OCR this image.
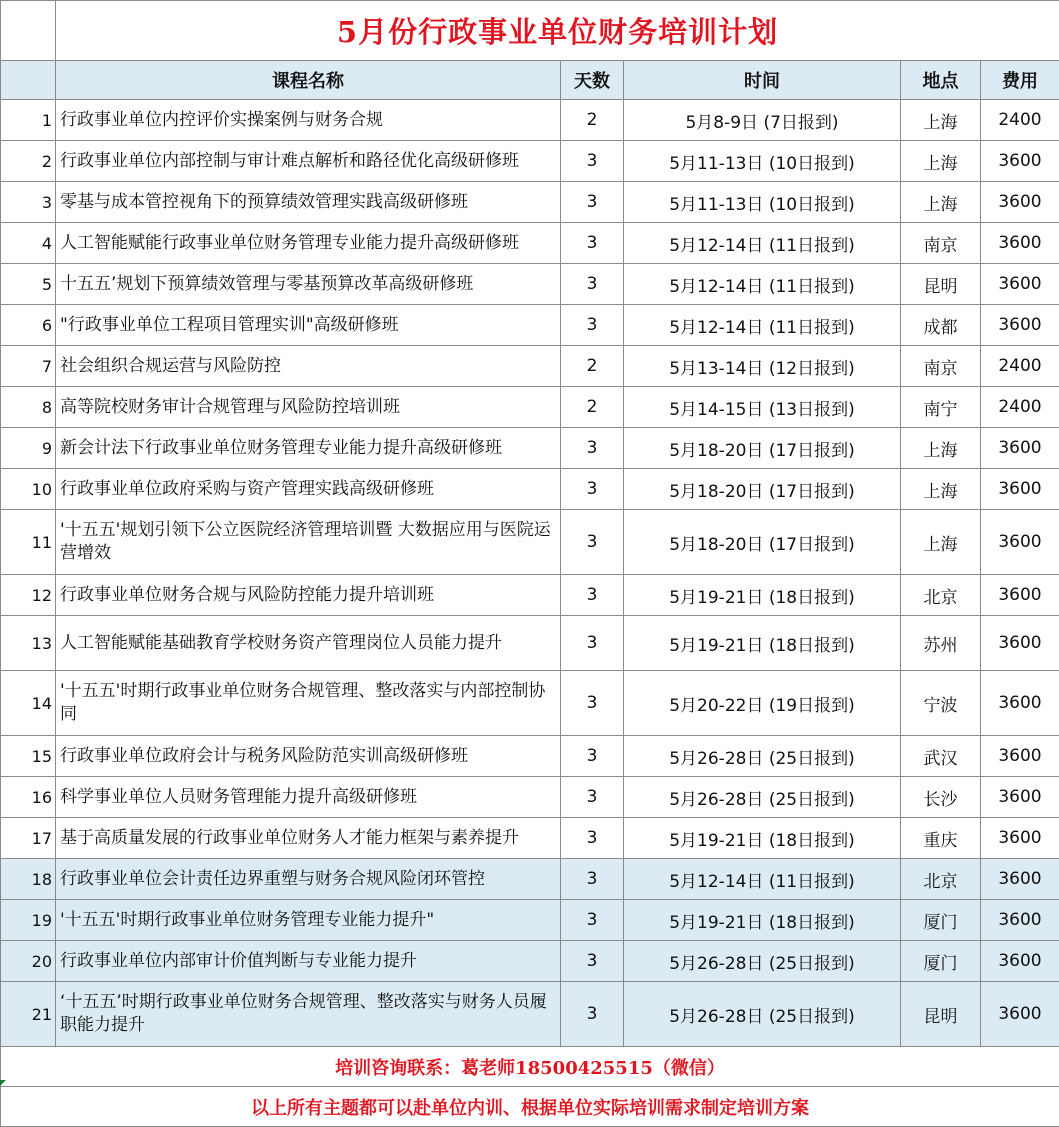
	5月份行政事业单位财务培训计划				
	课程名称	天数	时间	地点	费用
1	行政事业单位内控评价实操案例与财务合规	2	5月8-9日 (7日报到)	上海	2400
2	行政事业单位内部控制与审计难点解析和路径优化高级研修班	3	5月11-13日 (10日报到)	上海	3600
3	零基与成本管控视角下的预算绩效管理实践高级研修班	3	5月11-13日 (10日报到)	上海	3600
4	人工智能赋能行政事业单位财务管理专业能力提升高级研修班	3	5月12-14日 (11日报到)	南京	3600
5	十五五’规划下预算绩效管理与零基预算改革高级研修班	3	5月12-14日 (11日报到)	昆明	3600
6	"行政事业单位工程项目管理实训"高级研修班	3	5月12-14日 (11日报到)	成都	3600
7	社会组织合规运营与风险防控	2	5月13-14日 (12日报到)	南京	2400
8	高等院校财务审计合规管理与风险防控培训班	2	5月14-15日 (13日报到)	南宁	2400
9	新会计法下行政事业单位财务管理专业能力提升高级研修班	3	5月18-20日 (17日报到)	上海	3600
10	行政事业单位政府采购与资产管理实践高级研修班	3	5月18-20日 (17日报到)	上海	3600
11	'十五五'规划引领下公立医院经济管理培训暨 大数据应用与医院运营增效	3	5月18-20日 (17日报到)	上海	3600
12	行政事业单位财务合规与风险防控能力提升培训班	3	5月19-21日 (18日报到)	北京	3600
13	人工智能赋能基础教育学校财务资产管理岗位人员能力提升	3	5月19-21日 (18日报到)	苏州	3600
14	'十五五'时期行政事业单位财务合规管理、整改落实与内部控制协同	3	5月20-22日 (19日报到)	宁波	3600
15	行政事业单位政府会计与税务风险防范实训高级研修班	3	5月26-28日 (25日报到)	武汉	3600
16	科学事业单位人员财务管理能力提升高级研修班	3	5月26-28日 (25日报到)	长沙	3600
17	基于高质量发展的行政事业单位财务人才能力框架与素养提升	3	5月19-21日 (18日报到)	重庆	3600
18	行政事业单位会计责任边界重塑与财务合规风险闭环管控	3	5月12-14日 (11日报到)	北京	3600
19	'十五五'时期行政事业单位财务管理专业能力提升"	3	5月19-21日 (18日报到)	厦门	3600
20	行政事业单位内部审计价值判断与专业能力提升	3	5月26-28日 (25日报到)	厦门	3600
21	‘十五五’时期行政事业单位财务合规管理、整改落实与财务人员履职能力提升	3	5月26-28日 (25日报到)	昆明	3600
培训咨询联系：葛老师18500425515（微信）					
以上所有主题都可以赴单位内训、根据单位实际培训需求制定培训方案					
